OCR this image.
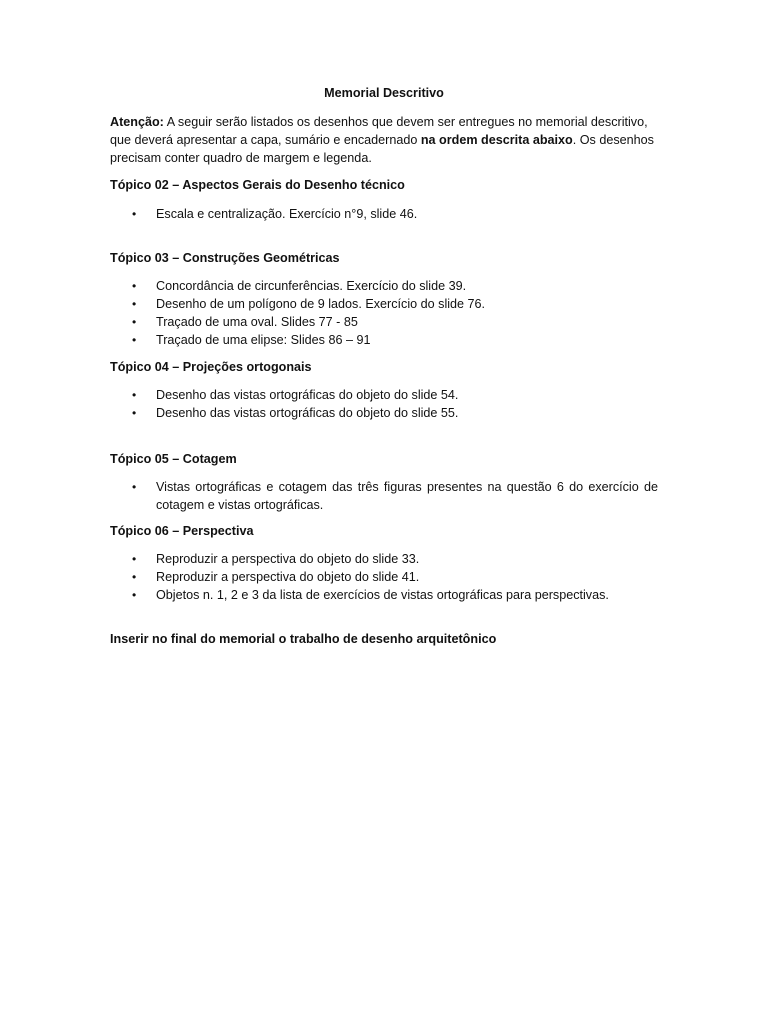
Memorial Descritivo

Atenção: A seguir serão listados os desenhos que devem ser entregues no memorial descritivo, que deverá apresentar a capa, sumário e encadernado na ordem descrita abaixo. Os desenhos precisam conter quadro de margem e legenda.

Tópico 02 – Aspectos Gerais do Desenho técnico
• Escala e centralização. Exercício n°9, slide 46.
Tópico 03 – Construções Geométricas
• Concordância de circunferências. Exercício do slide 39.
• Desenho de um polígono de 9 lados. Exercício do slide 76.
• Traçado de uma oval. Slides 77 - 85
• Traçado de uma elipse: Slides 86 – 91
Tópico 04 – Projeções ortogonais
• Desenho das vistas ortográficas do objeto do slide 54.
• Desenho das vistas ortográficas do objeto do slide 55.
Tópico 05 – Cotagem
• Vistas ortográficas e cotagem das três figuras presentes na questão 6 do exercício de cotagem e vistas ortográficas.
Tópico 06 – Perspectiva
• Reproduzir a perspectiva do objeto do slide 33.
• Reproduzir a perspectiva do objeto do slide 41.
• Objetos n. 1, 2 e 3 da lista de exercícios de vistas ortográficas para perspectivas.
Inserir no final do memorial o trabalho de desenho arquitetônico
